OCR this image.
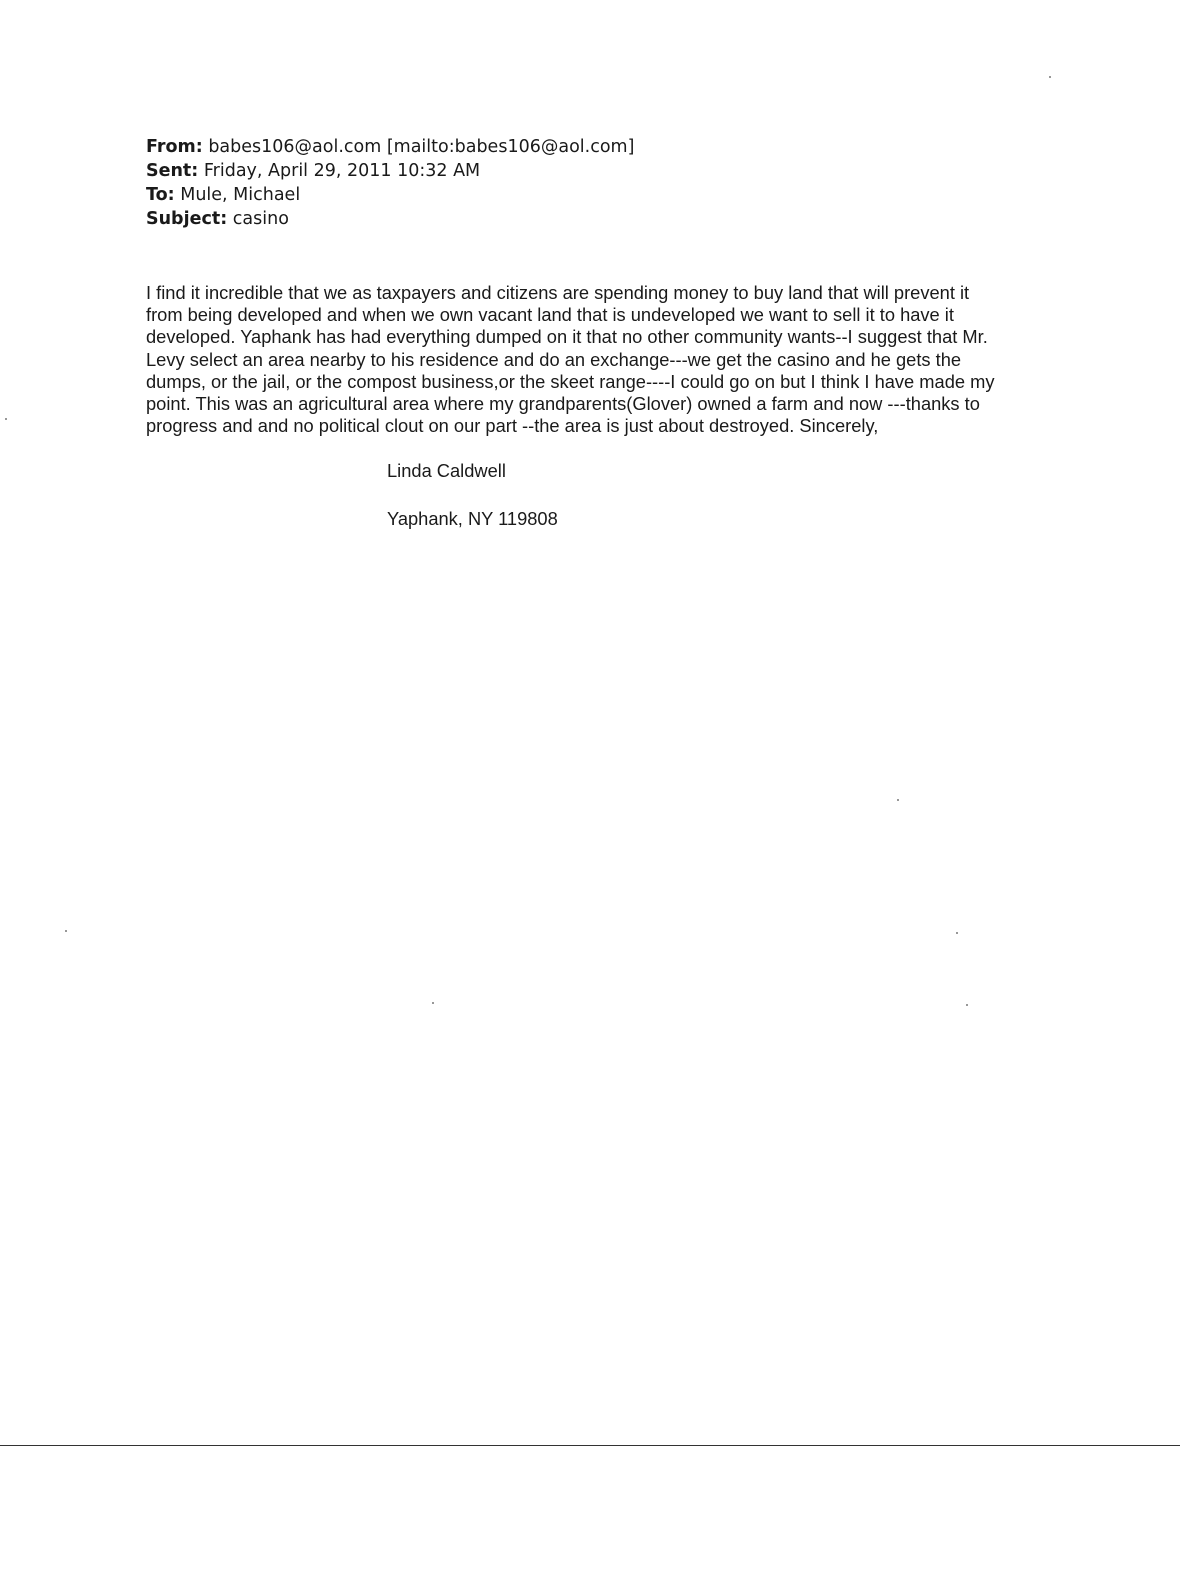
From: babes106@aol.com [mailto:babes106@aol.com]
Sent: Friday, April 29, 2011 10:32 AM
To: Mule, Michael
Subject: casino
I find it incredible that we as taxpayers and citizens are spending money to buy land that will prevent it
from being developed and when we own vacant land that is undeveloped we want to sell it to have it
developed. Yaphank has had everything dumped on it that no other community wants--I suggest that Mr.
Levy select an area nearby to his residence and do an exchange---we get the casino and he gets the
dumps, or the jail, or the compost business,or the skeet range----I could go on but I think I have made my
point. This was an agricultural area where my grandparents(Glover) owned a farm and now ---thanks to
progress and and no political clout on our part --the area is just about destroyed. Sincerely,
Linda Caldwell
Yaphank, NY 119808
